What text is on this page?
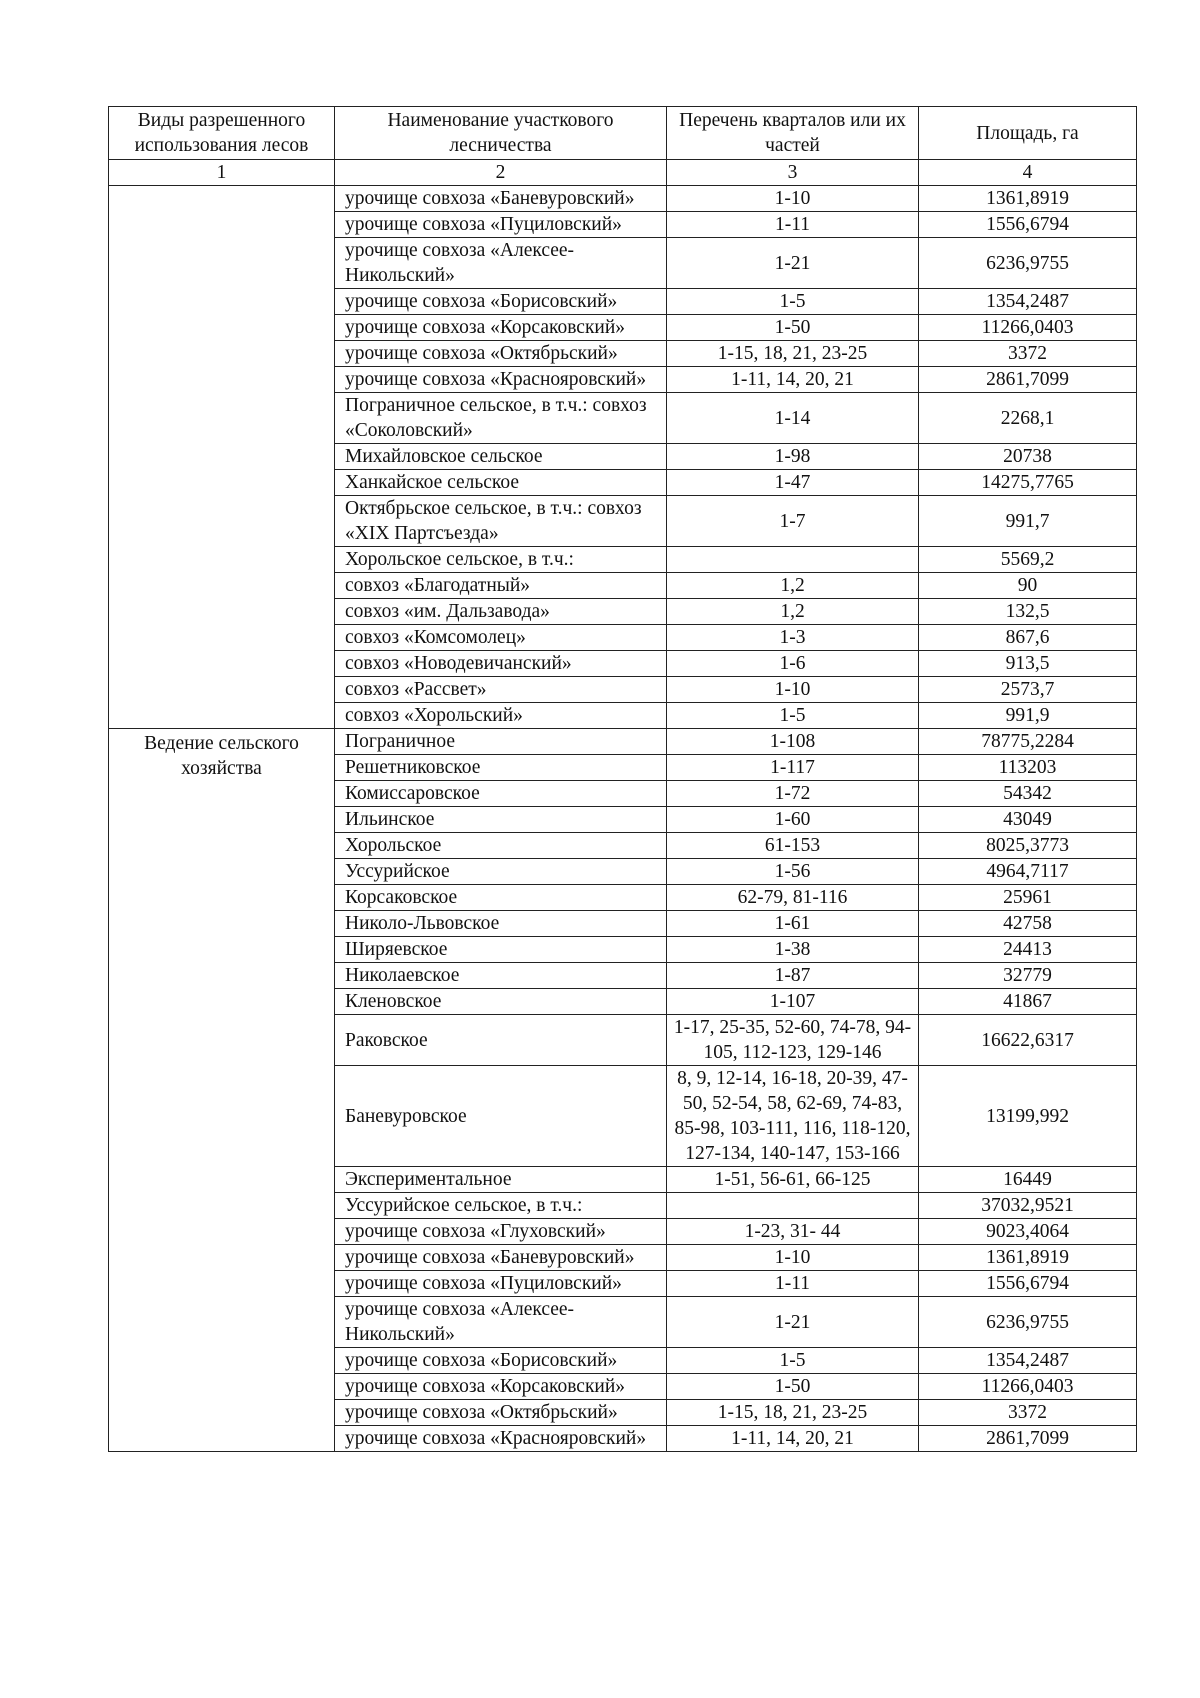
Виды разрешенного использования лесов	Наименование участкового лесничества	Перечень кварталов или их частей	Площадь, га
1	2	3	4
	урочище совхоза «Баневуровский»	1-10	1361,8919
	урочище совхоза «Пуциловский»	1-11	1556,6794
	урочище совхоза «Алексее-Никольский»	1-21	6236,9755
	урочище совхоза «Борисовский»	1-5	1354,2487
	урочище совхоза «Корсаковский»	1-50	11266,0403
	урочище совхоза «Октябрьский»	1-15, 18, 21, 23-25	3372
	урочище совхоза «Краснояровский»	1-11, 14, 20, 21	2861,7099
	Пограничное сельское, в т.ч.: совхоз «Соколовский»	1-14	2268,1
	Михайловское сельское	1-98	20738
	Ханкайское сельское	1-47	14275,7765
	Октябрьское сельское, в т.ч.: совхоз «XIX Партсъезда»	1-7	991,7
	Хорольское сельское, в т.ч.:		5569,2
	совхоз «Благодатный»	1,2	90
	совхоз «им. Дальзавода»	1,2	132,5
	совхоз «Комсомолец»	1-3	867,6
	совхоз «Новодевичанский»	1-6	913,5
	совхоз «Рассвет»	1-10	2573,7
	совхоз «Хорольский»	1-5	991,9
Ведение сельского хозяйства	Пограничное	1-108	78775,2284
	Решетниковское	1-117	113203
	Комиссаровское	1-72	54342
	Ильинское	1-60	43049
	Хорольское	61-153	8025,3773
	Уссурийское	1-56	4964,7117
	Корсаковское	62-79, 81-116	25961
	Николо-Львовское	1-61	42758
	Ширяевское	1-38	24413
	Николаевское	1-87	32779
	Кленовское	1-107	41867
	Раковское	1-17, 25-35, 52-60, 74-78, 94-105, 112-123, 129-146	16622,6317
	Баневуровское	8, 9, 12-14, 16-18, 20-39, 47-50, 52-54, 58, 62-69, 74-83, 85-98, 103-111, 116, 118-120, 127-134, 140-147, 153-166	13199,992
	Экспериментальное	1-51, 56-61, 66-125	16449
	Уссурийское сельское, в т.ч.:		37032,9521
	урочище совхоза «Глуховский»	1-23, 31- 44	9023,4064
	урочище совхоза «Баневуровский»	1-10	1361,8919
	урочище совхоза «Пуциловский»	1-11	1556,6794
	урочище совхоза «Алексее-Никольский»	1-21	6236,9755
	урочище совхоза «Борисовский»	1-5	1354,2487
	урочище совхоза «Корсаковский»	1-50	11266,0403
	урочище совхоза «Октябрьский»	1-15, 18, 21, 23-25	3372
	урочище совхоза «Краснояровский»	1-11, 14, 20, 21	2861,7099
